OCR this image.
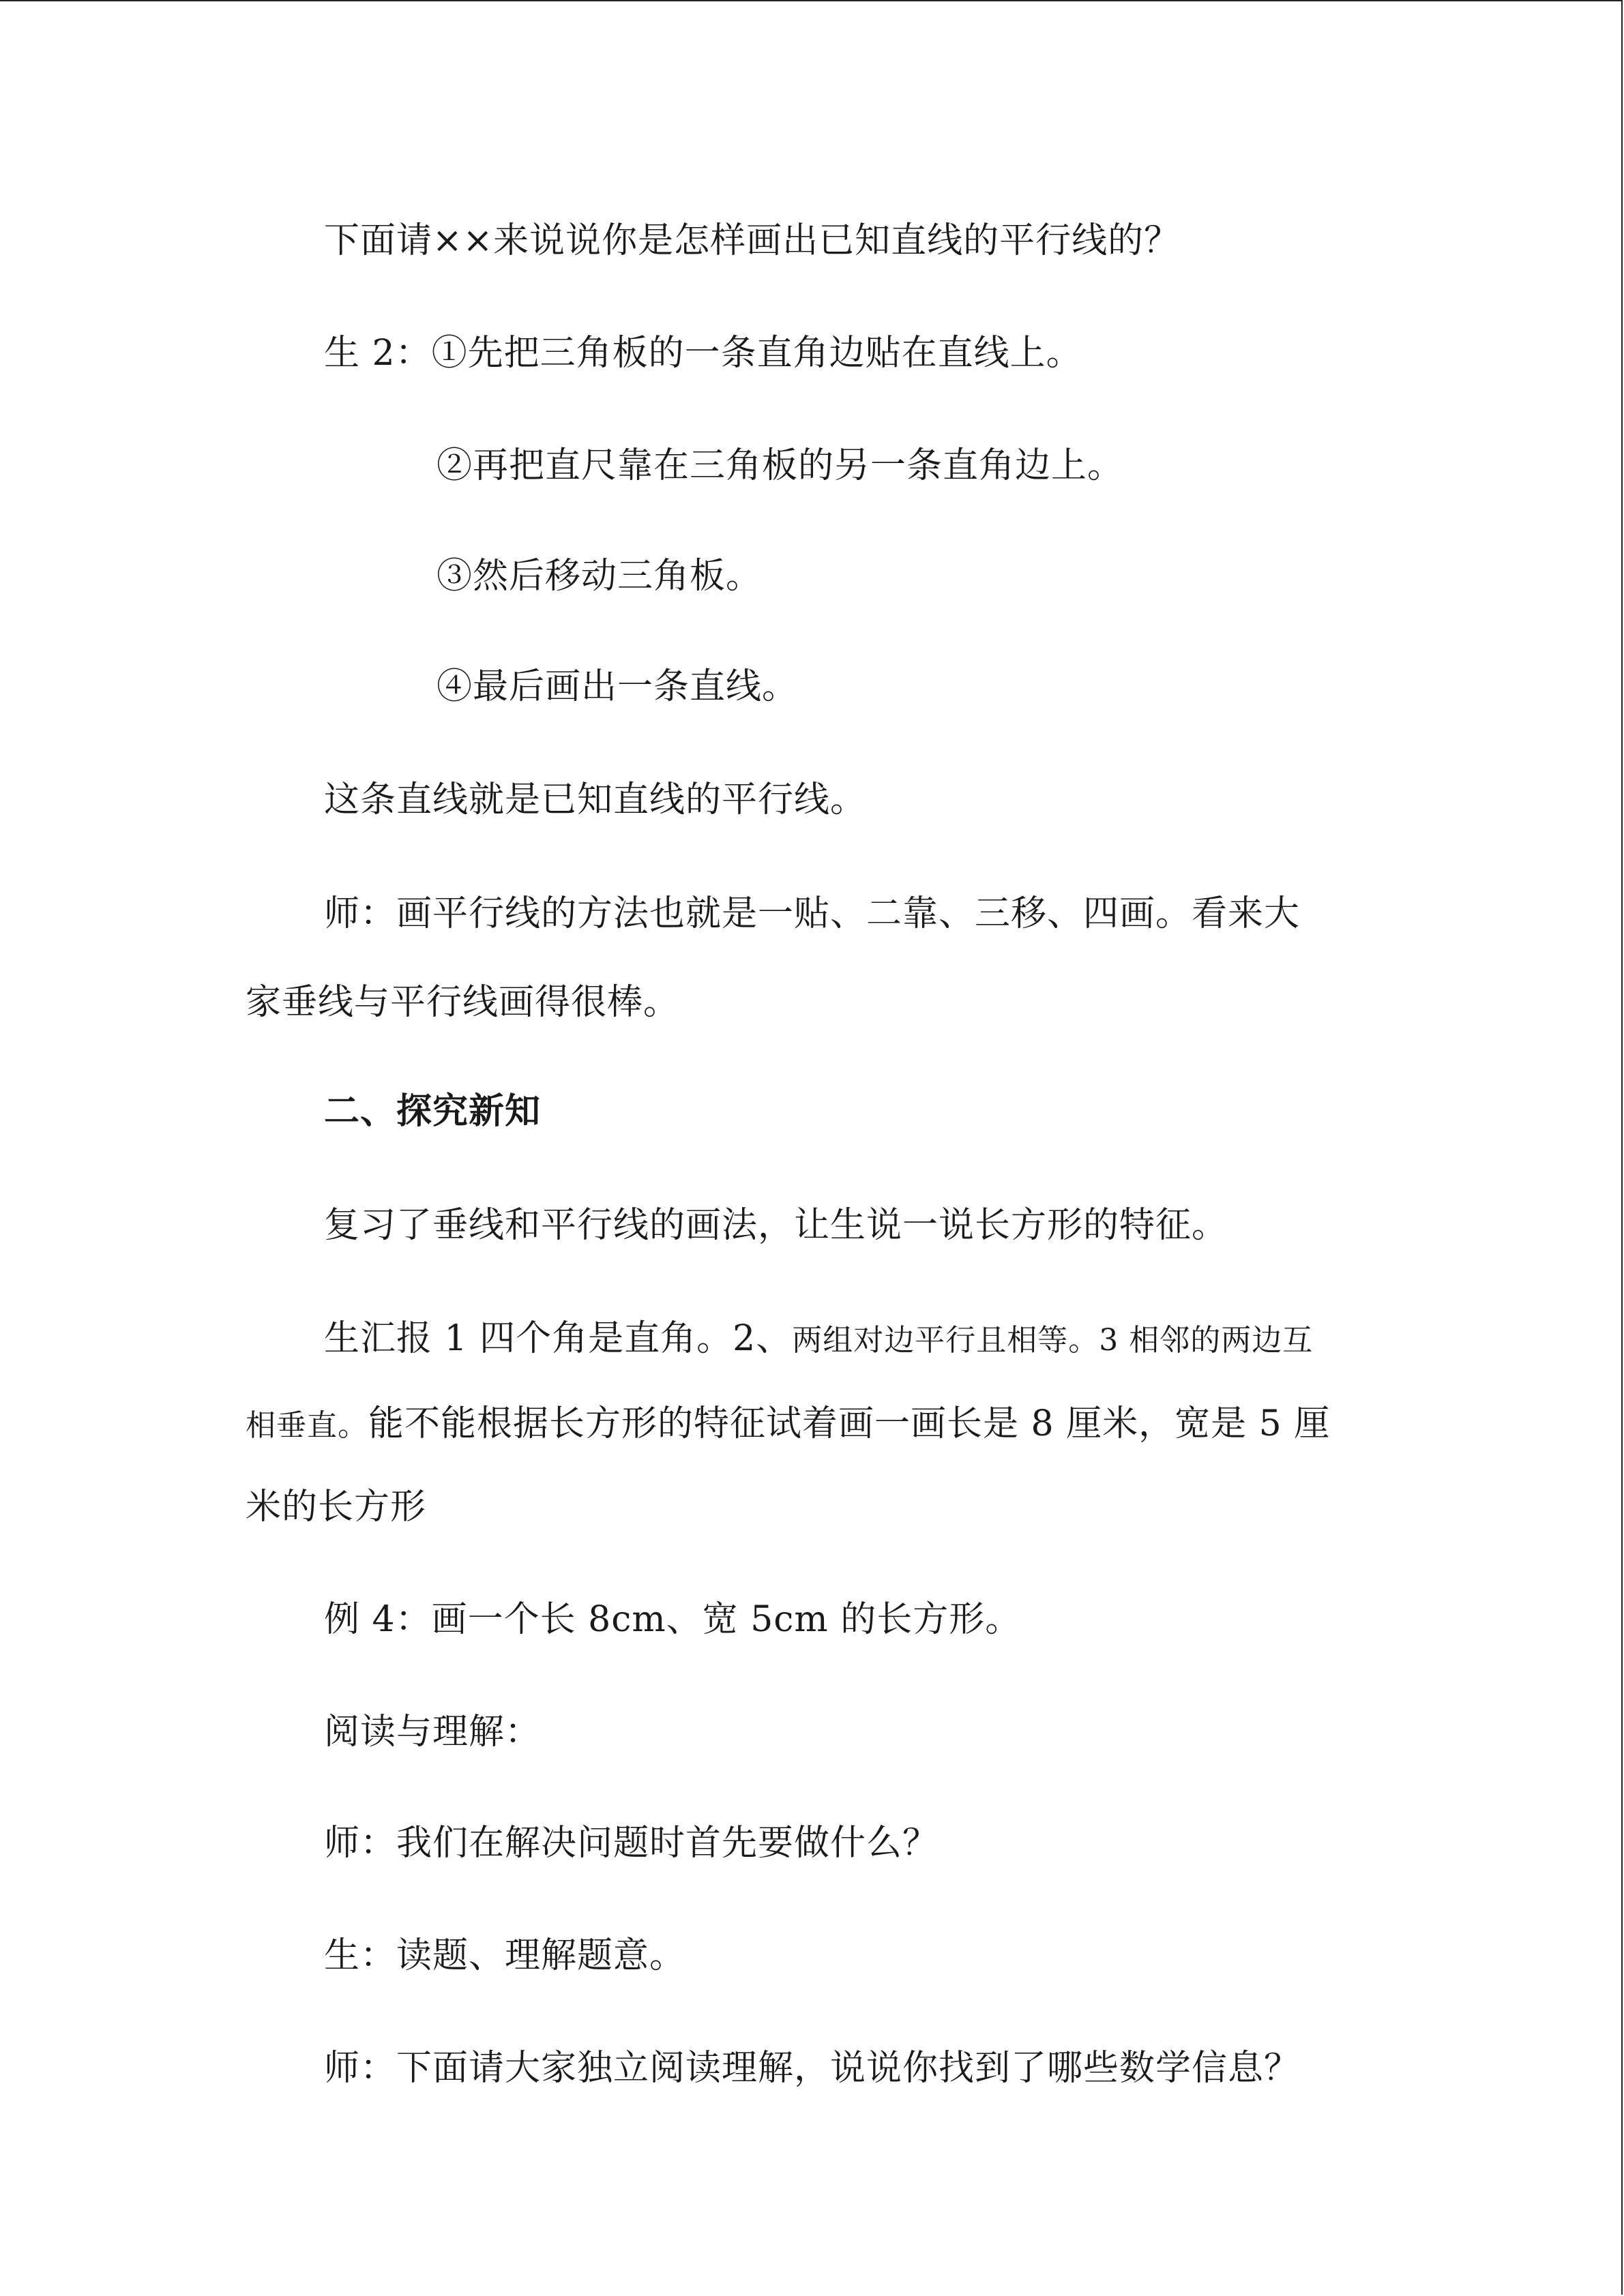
下面请××来说说你是怎样画出已知直线的平行线的？
生 2：①先把三角板的一条直角边贴在直线上。
②再把直尺靠在三角板的另一条直角边上。
③然后移动三角板。
④最后画出一条直线。
这条直线就是已知直线的平行线。
师：画平行线的方法也就是一贴、二靠、三移、四画。看来大
家垂线与平行线画得很棒。
二、探究新知
复习了垂线和平行线的画法，让生说一说长方形的特征。
生汇报 1 四个角是直角。2、两组对边平行且相等。3 相邻的两边互
相垂直。能不能根据长方形的特征试着画一画长是 8 厘米，宽是 5 厘
米的长方形
例 4：画一个长 8cm、宽 5cm 的长方形。
阅读与理解：
师：我们在解决问题时首先要做什么？
生：读题、理解题意。
师：下面请大家独立阅读理解，说说你找到了哪些数学信息？
